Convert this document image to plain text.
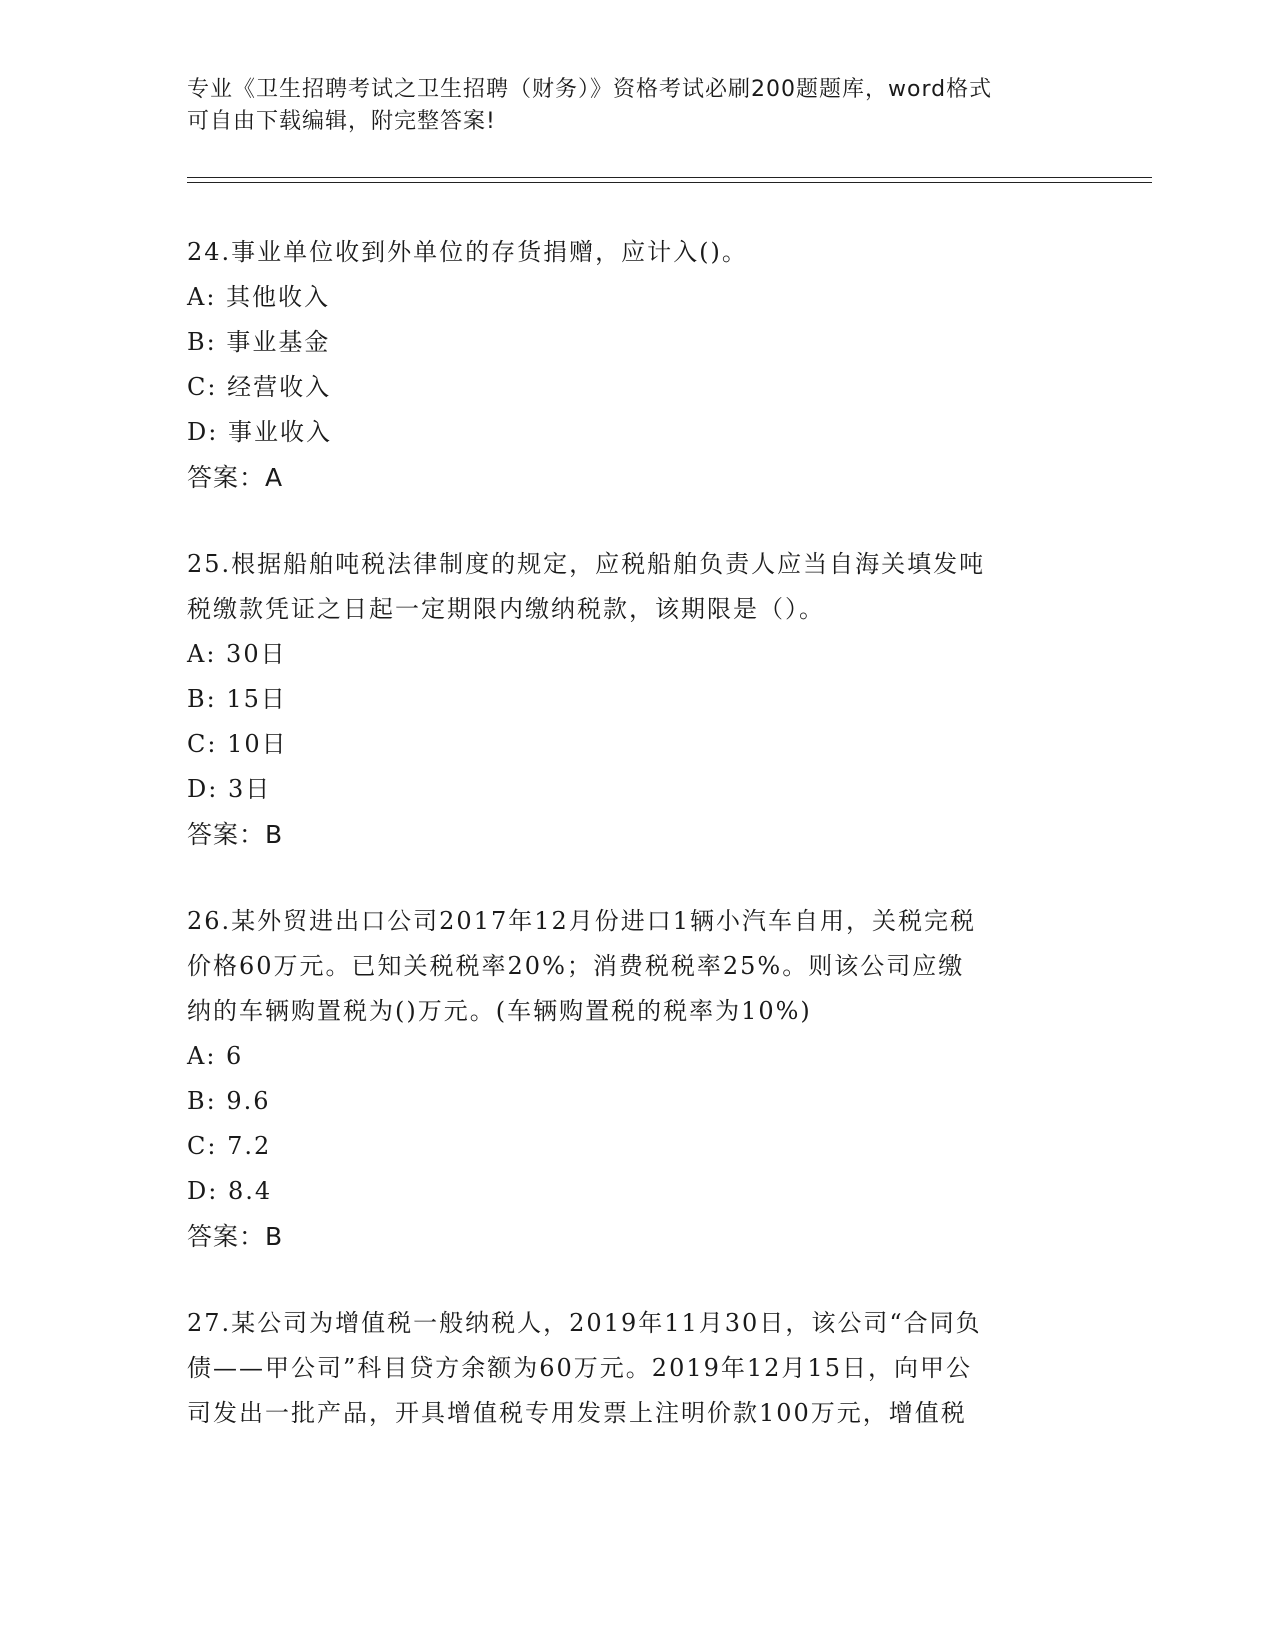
专业《卫生招聘考试之卫生招聘（财务）》资格考试必刷200题题库，word格式
可自由下载编辑，附完整答案!
24.事业单位收到外单位的存货捐赠，应计入()。
A: 其他收入
B: 事业基金
C: 经营收入
D: 事业收入
答案：A
25.根据船舶吨税法律制度的规定，应税船舶负责人应当自海关填发吨
税缴款凭证之日起一定期限内缴纳税款，该期限是（）。
A: 30日
B: 15日
C: 10日
D: 3日
答案：B
26.某外贸进出口公司2017年12月份进口1辆小汽车自用，关税完税
价格60万元。已知关税税率20%；消费税税率25%。则该公司应缴
纳的车辆购置税为()万元。(车辆购置税的税率为10%)
A: 6
B: 9.6
C: 7.2
D: 8.4
答案：B
27.某公司为增值税一般纳税人，2019年11月30日，该公司“合同负
债——甲公司”科目贷方余额为60万元。2019年12月15日，向甲公
司发出一批产品，开具增值税专用发票上注明价款100万元，增值税
